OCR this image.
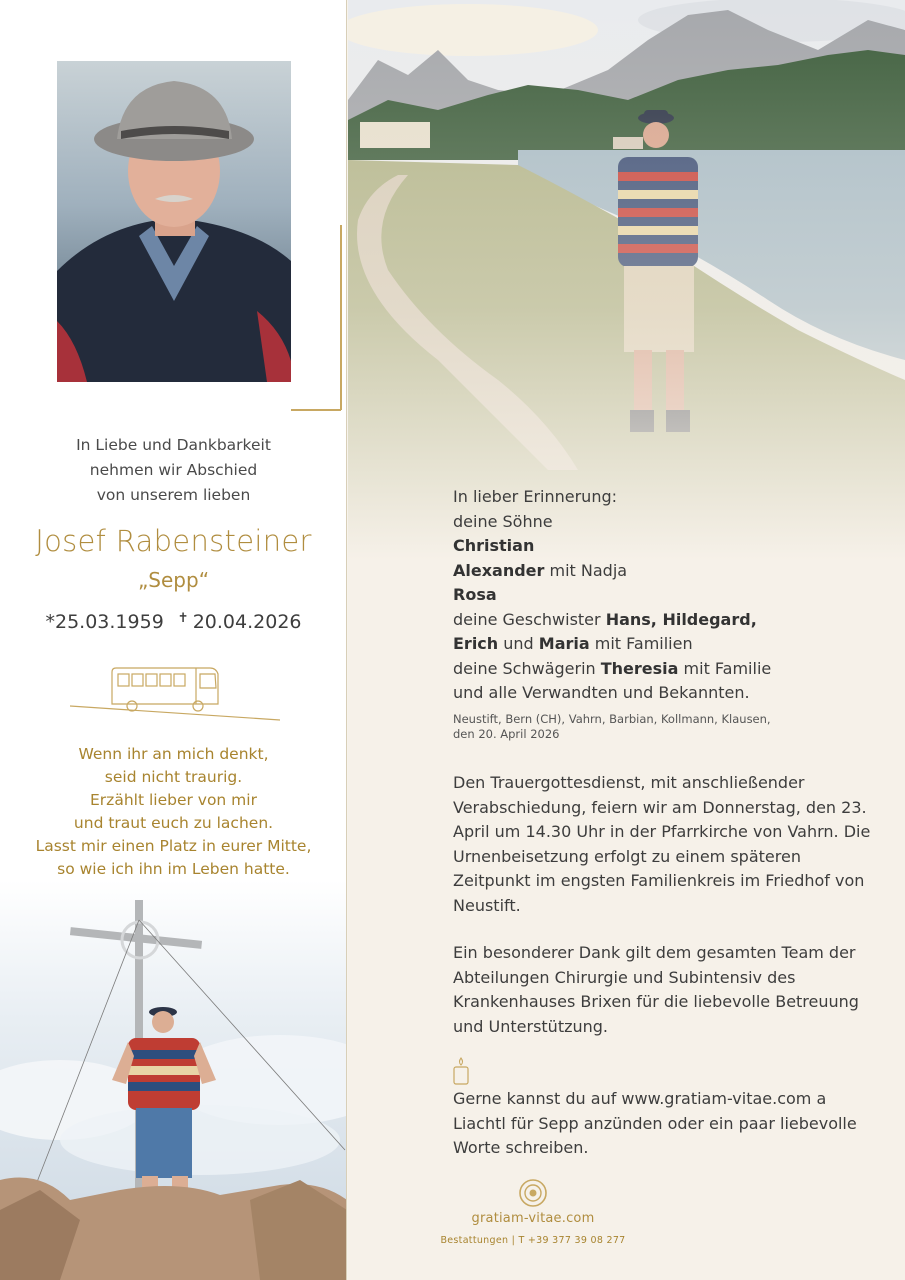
In Liebe und Dankbarkeit
nehmen wir Abschied
von unserem lieben
Josef Rabensteiner
„Sepp“
*25.03.1959 ✝ 20.04.2026
Wenn ihr an mich denkt,
seid nicht traurig.
Erzählt lieber von mir
und traut euch zu lachen.
Lasst mir einen Platz in eurer Mitte,
so wie ich ihn im Leben hatte.
In lieber Erinnerung:
deine Söhne
Christian
Alexander mit Nadja
Rosa
deine Geschwister Hans, Hildegard,
Erich und Maria mit Familien
deine Schwägerin Theresia mit Familie
und alle Verwandten und Bekannten.
Neustift, Bern (CH), Vahrn, Barbian, Kollmann, Klausen,
den 20. April 2026
Den Trauergottesdienst, mit anschließender Verabschiedung, feiern wir am Donnerstag, den 23. April um 14.30 Uhr in der Pfarrkirche von Vahrn. Die Urnenbeisetzung erfolgt zu einem späteren Zeitpunkt im engsten Familienkreis im Friedhof von Neustift.
Ein besonderer Dank gilt dem gesamten Team der Abteilungen Chirurgie und Subintensiv des Krankenhauses Brixen für die liebevolle Betreuung und Unterstützung.
Gerne kannst du auf www.gratiam-vitae.com a Liachtl für Sepp anzünden oder ein paar liebevolle Worte schreiben.
gratiam-vitae.com
Bestattungen | T +39 377 39 08 277
